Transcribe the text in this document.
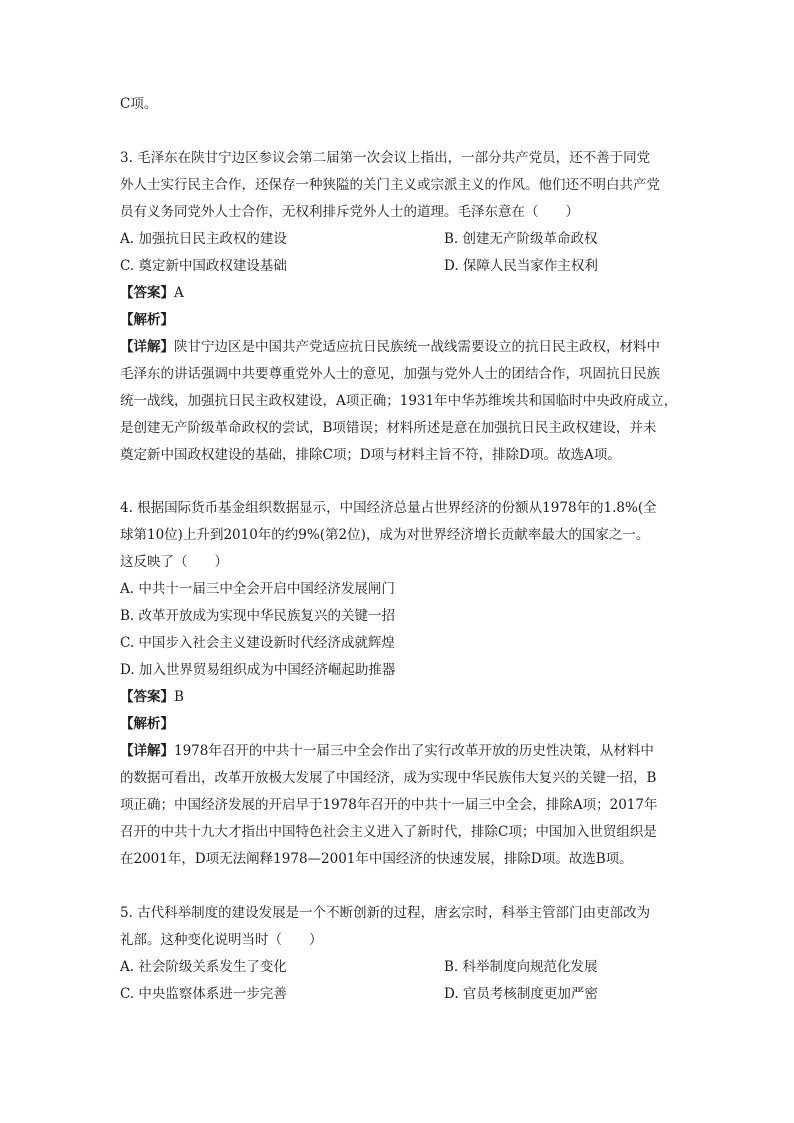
C项。
3. 毛泽东在陕甘宁边区参议会第二届第一次会议上指出，一部分共产党员，还不善于同党
外人士实行民主合作，还保存一种狭隘的关门主义或宗派主义的作风。他们还不明白共产党
员有义务同党外人士合作，无权利排斥党外人士的道理。毛泽东意在（　　）
A. 加强抗日民主政权的建设	B. 创建无产阶级革命政权
C. 奠定新中国政权建设基础	D. 保障人民当家作主权利
【答案】A
【解析】
【详解】陕甘宁边区是中国共产党适应抗日民族统一战线需要设立的抗日民主政权，材料中
毛泽东的讲话强调中共要尊重党外人士的意见，加强与党外人士的团结合作，巩固抗日民族
统一战线，加强抗日民主政权建设，A项正确；1931年中华苏维埃共和国临时中央政府成立，
是创建无产阶级革命政权的尝试，B项错误；材料所述是意在加强抗日民主政权建设，并未
奠定新中国政权建设的基础，排除C项；D项与材料主旨不符，排除D项。故选A项。
4. 根据国际货币基金组织数据显示，中国经济总量占世界经济的份额从1978年的1.8%(全
球第10位)上升到2010年的约9%(第2位)，成为对世界经济增长贡献率最大的国家之一。
这反映了（　　）
A. 中共十一届三中全会开启中国经济发展闸门
B. 改革开放成为实现中华民族复兴的关键一招
C. 中国步入社会主义建设新时代经济成就辉煌
D. 加入世界贸易组织成为中国经济崛起助推器
【答案】B
【解析】
【详解】1978年召开的中共十一届三中全会作出了实行改革开放的历史性决策，从材料中
的数据可看出，改革开放极大发展了中国经济，成为实现中华民族伟大复兴的关键一招，B
项正确；中国经济发展的开启早于1978年召开的中共十一届三中全会，排除A项；2017年
召开的中共十九大才指出中国特色社会主义进入了新时代，排除C项；中国加入世贸组织是
在2001年，D项无法阐释1978—2001年中国经济的快速发展，排除D项。故选B项。
5. 古代科举制度的建设发展是一个不断创新的过程，唐玄宗时，科举主管部门由吏部改为
礼部。这种变化说明当时（　　）
A. 社会阶级关系发生了变化	B. 科举制度向规范化发展
C. 中央监察体系进一步完善	D. 官员考核制度更加严密
